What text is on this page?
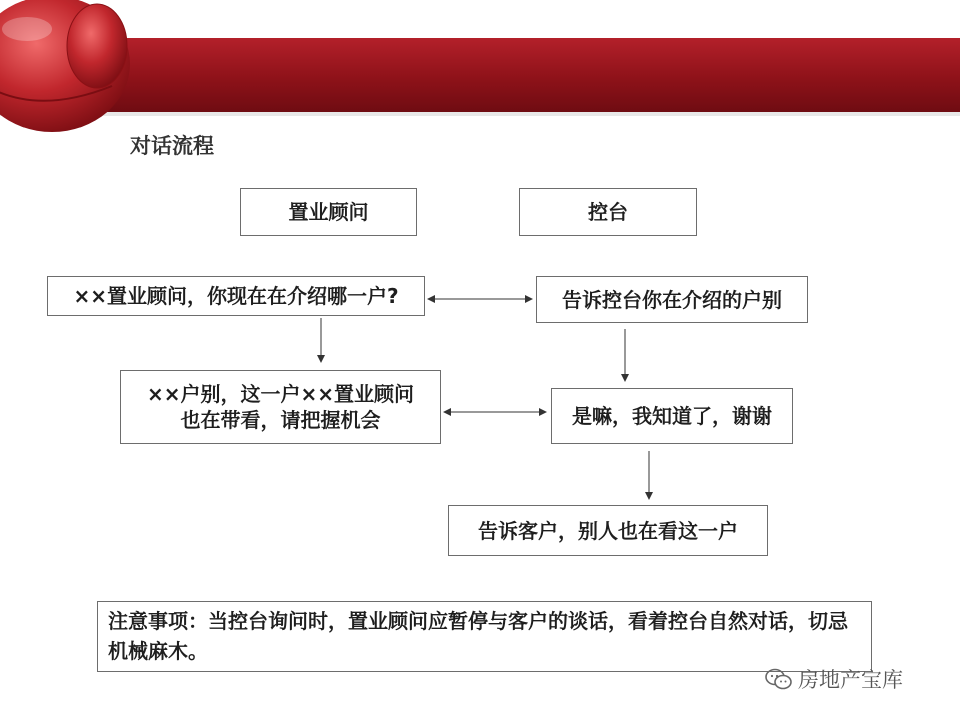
对话流程
置业顾问	控台
××置业顾问，你现在在介绍哪一户?	告诉控台你在介绍的户别
××户别，这一户××置业顾问
也在带看，请把握机会	是嘛，我知道了，谢谢
告诉客户，别人也在看这一户
注意事项：当控台询问时，置业顾问应暂停与客户的谈话，看着控台自然对话，切忌机械麻木。
房地产宝库
